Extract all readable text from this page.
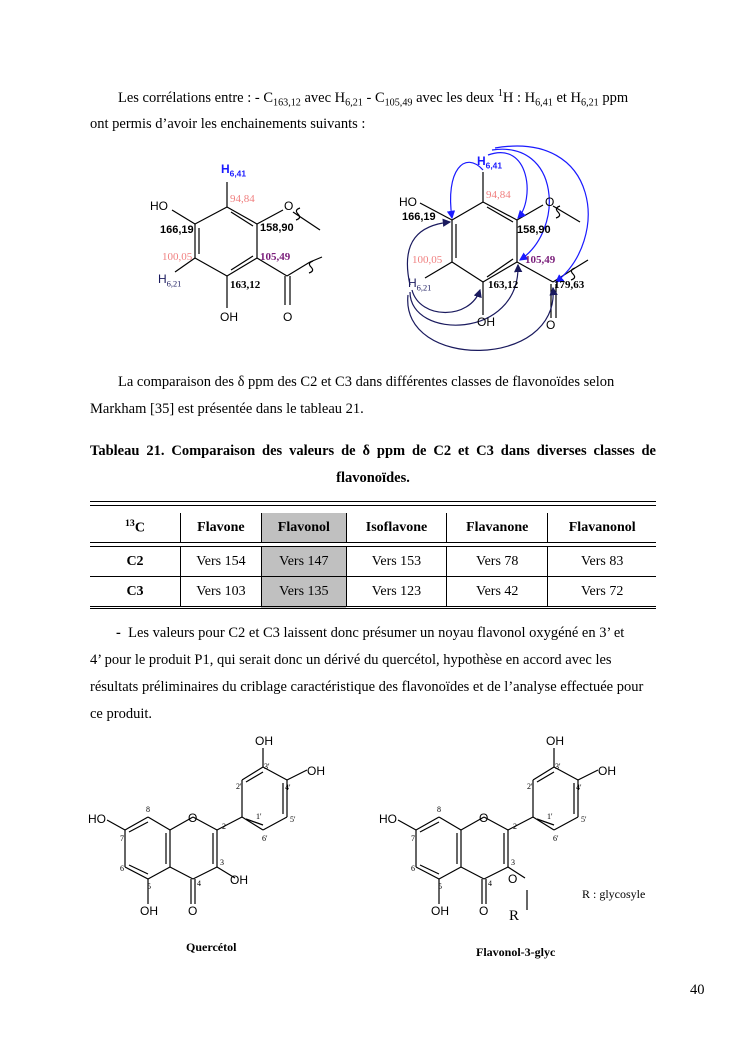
Les corrélations entre : - $C_{163,12}$ avec $H_{6,21} - C_{105,49}$ avec les deux $^1$H : $H_{6,41}$ et $H_{6,21}$ ppm
ont permis d’avoir les enchainements suivants :
$H_{6,41}$
HO	O
94,84
166,19	158,90
100,05	105,49
$H_{6,21}$	163,12
OH	O
$H_{6,41}$
HO	O
94,84
166,19
158,90
100,05	105,49
$H_{6,21}$	163,12	179,63
OH	O
La comparaison des δ ppm des C2 et C3 dans différentes classes de flavonoïdes selon
Markham [35] est présentée dans le tableau 21.
Tableau 21. Comparaison des valeurs de δ ppm de C2 et C3 dans diverses classes de
flavonoïdes.
$^{13}$C	Flavone	Flavonol	Isoflavone	Flavanone	Flavanonol

C2	Vers 154	Vers 147	Vers 153	Vers 78	Vers 83
C3	Vers 103	Vers 135	Vers 123	Vers 42	Vers 72
- Les valeurs pour C2 et C3 laissent donc présumer un noyau flavonol oxygéné en 3’ et
4’ pour le produit P1, qui serait donc un dérivé du quercétol, hypothèse en accord avec les
résultats préliminaires du criblage caractéristique des flavonoïdes et de l’analyse effectuée pour
ce produit.
OH
OH
HO	O
OH	O
OH
8
7
6
5	4
3
2
1'
2'
3'
4'
5'
6'
OH
OH
HO	O
OH	O
O
R
8
7
6
5	4
3
2
1'
2'
3'
4'
5'
6'
Quercétol	Flavonol-3-glyc
R : glycosyle
40
